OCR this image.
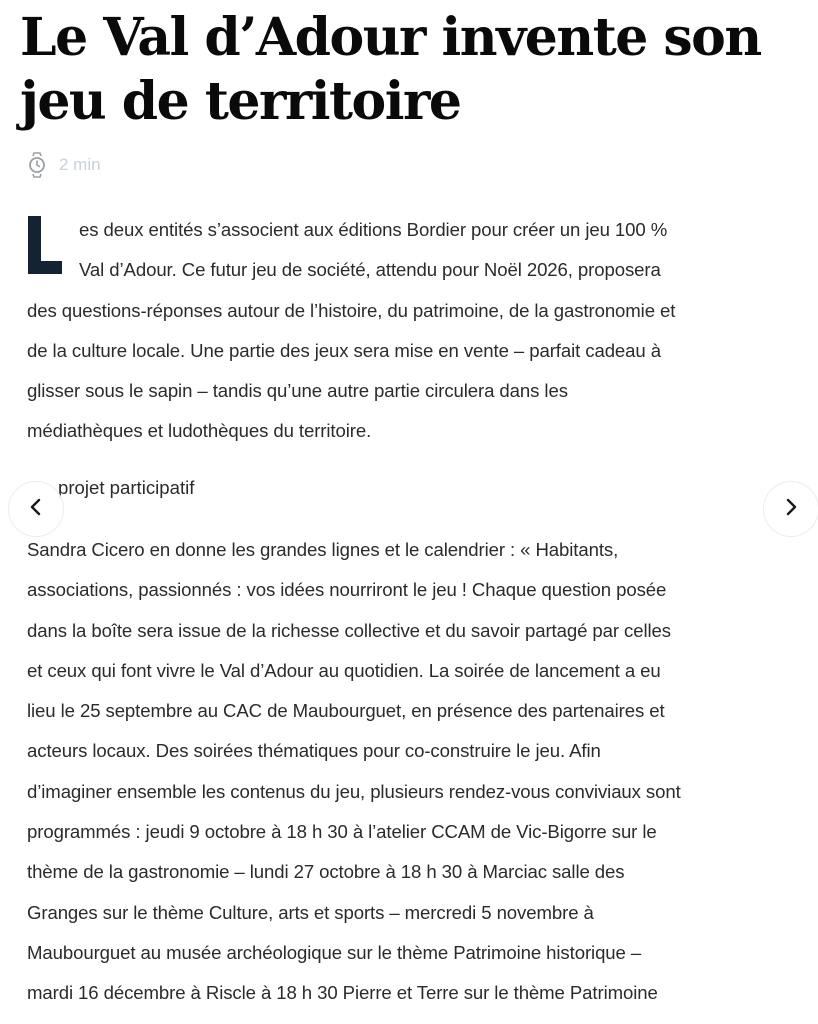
Le Val d’Adour invente son jeu de territoire
2 min
es deux entités s’associent aux éditions Bordier pour créer un jeu 100 %
Val d’Adour. Ce futur jeu de société, attendu pour Noël 2026, proposera
des questions-réponses autour de l’histoire, du patrimoine, de la gastronomie et
de la culture locale. Une partie des jeux sera mise en vente – parfait cadeau à
glisser sous le sapin – tandis qu’une autre partie circulera dans les
médiathèques et ludothèques du territoire.
projet participatif
Sandra Cicero en donne les grandes lignes et le calendrier : « Habitants,
associations, passionnés : vos idées nourriront le jeu ! Chaque question posée
dans la boîte sera issue de la richesse collective et du savoir partagé par celles
et ceux qui font vivre le Val d’Adour au quotidien. La soirée de lancement a eu
lieu le 25 septembre au CAC de Maubourguet, en présence des partenaires et
acteurs locaux. Des soirées thématiques pour co-construire le jeu. Afin
d’imaginer ensemble les contenus du jeu, plusieurs rendez-vous conviviaux sont
programmés : jeudi 9 octobre à 18 h 30 à l’atelier CCAM de Vic-Bigorre sur le
thème de la gastronomie – lundi 27 octobre à 18 h 30 à Marciac salle des
Granges sur le thème Culture, arts et sports – mercredi 5 novembre à
Maubourguet au musée archéologique sur le thème Patrimoine historique –
mardi 16 décembre à Riscle à 18 h 30 Pierre et Terre sur le thème Patrimoine
